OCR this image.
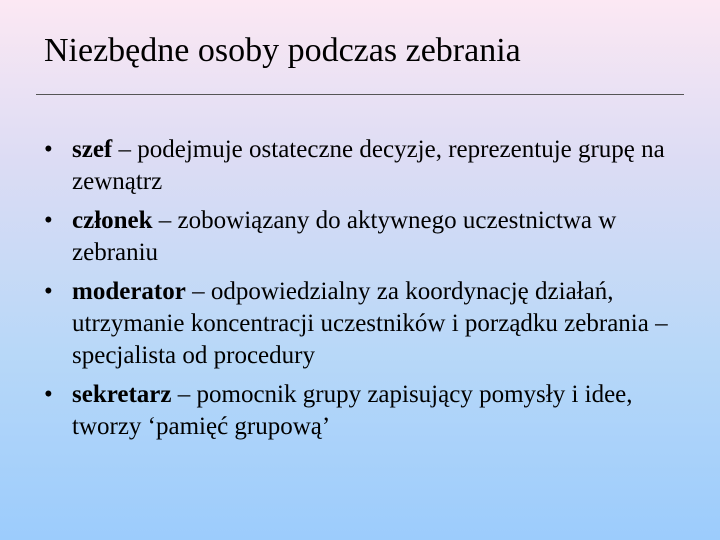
Niezbędne osoby podczas zebrania
• szef – podejmuje ostateczne decyzje, reprezentuje grupę na zewnątrz
• członek – zobowiązany do aktywnego uczestnictwa w zebraniu
• moderator – odpowiedzialny za koordynację działań, utrzymanie koncentracji uczestników i porządku zebrania – specjalista od procedury
• sekretarz – pomocnik grupy zapisujący pomysły i idee, tworzy ‘pamięć grupową’
